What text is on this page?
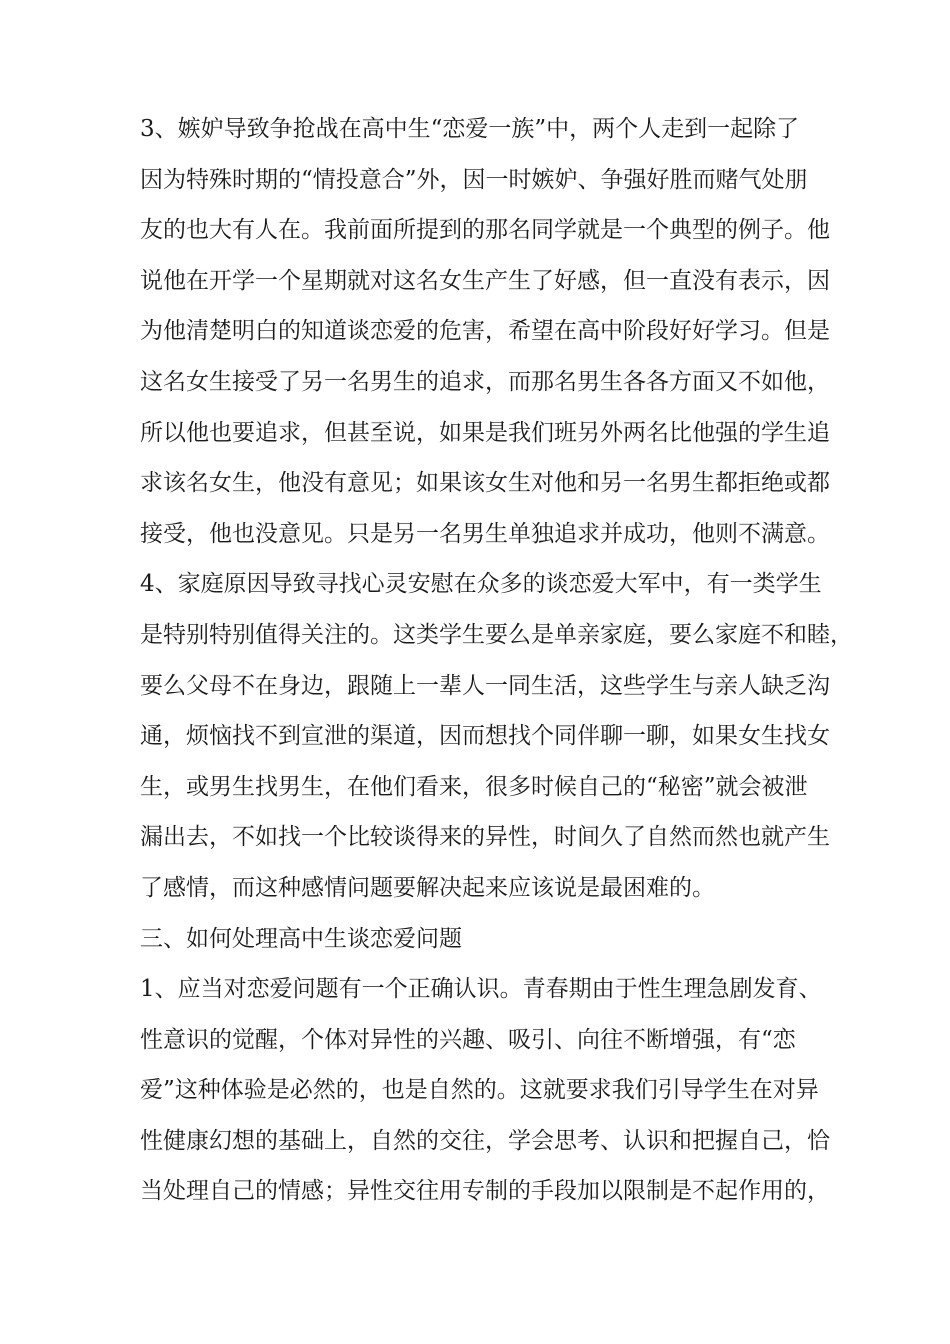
3、嫉妒导致争抢战在高中生“恋爱一族”中，两个人走到一起除了
因为特殊时期的“情投意合”外，因一时嫉妒、争强好胜而赌气处朋
友的也大有人在。我前面所提到的那名同学就是一个典型的例子。他
说他在开学一个星期就对这名女生产生了好感，但一直没有表示，因
为他清楚明白的知道谈恋爱的危害，希望在高中阶段好好学习。但是
这名女生接受了另一名男生的追求，而那名男生各各方面又不如他，
所以他也要追求，但甚至说，如果是我们班另外两名比他强的学生追
求该名女生，他没有意见；如果该女生对他和另一名男生都拒绝或都
接受，他也没意见。只是另一名男生单独追求并成功，他则不满意。
4、家庭原因导致寻找心灵安慰在众多的谈恋爱大军中，有一类学生
是特别特别值得关注的。这类学生要么是单亲家庭，要么家庭不和睦，
要么父母不在身边，跟随上一辈人一同生活，这些学生与亲人缺乏沟
通，烦恼找不到宣泄的渠道，因而想找个同伴聊一聊，如果女生找女
生，或男生找男生，在他们看来，很多时候自己的“秘密”就会被泄
漏出去，不如找一个比较谈得来的异性，时间久了自然而然也就产生
了感情，而这种感情问题要解决起来应该说是最困难的。
三、如何处理高中生谈恋爱问题
1、应当对恋爱问题有一个正确认识。青春期由于性生理急剧发育、
性意识的觉醒，个体对异性的兴趣、吸引、向往不断增强，有“恋
爱”这种体验是必然的，也是自然的。这就要求我们引导学生在对异
性健康幻想的基础上，自然的交往，学会思考、认识和把握自己，恰
当处理自己的情感；异性交往用专制的手段加以限制是不起作用的，
